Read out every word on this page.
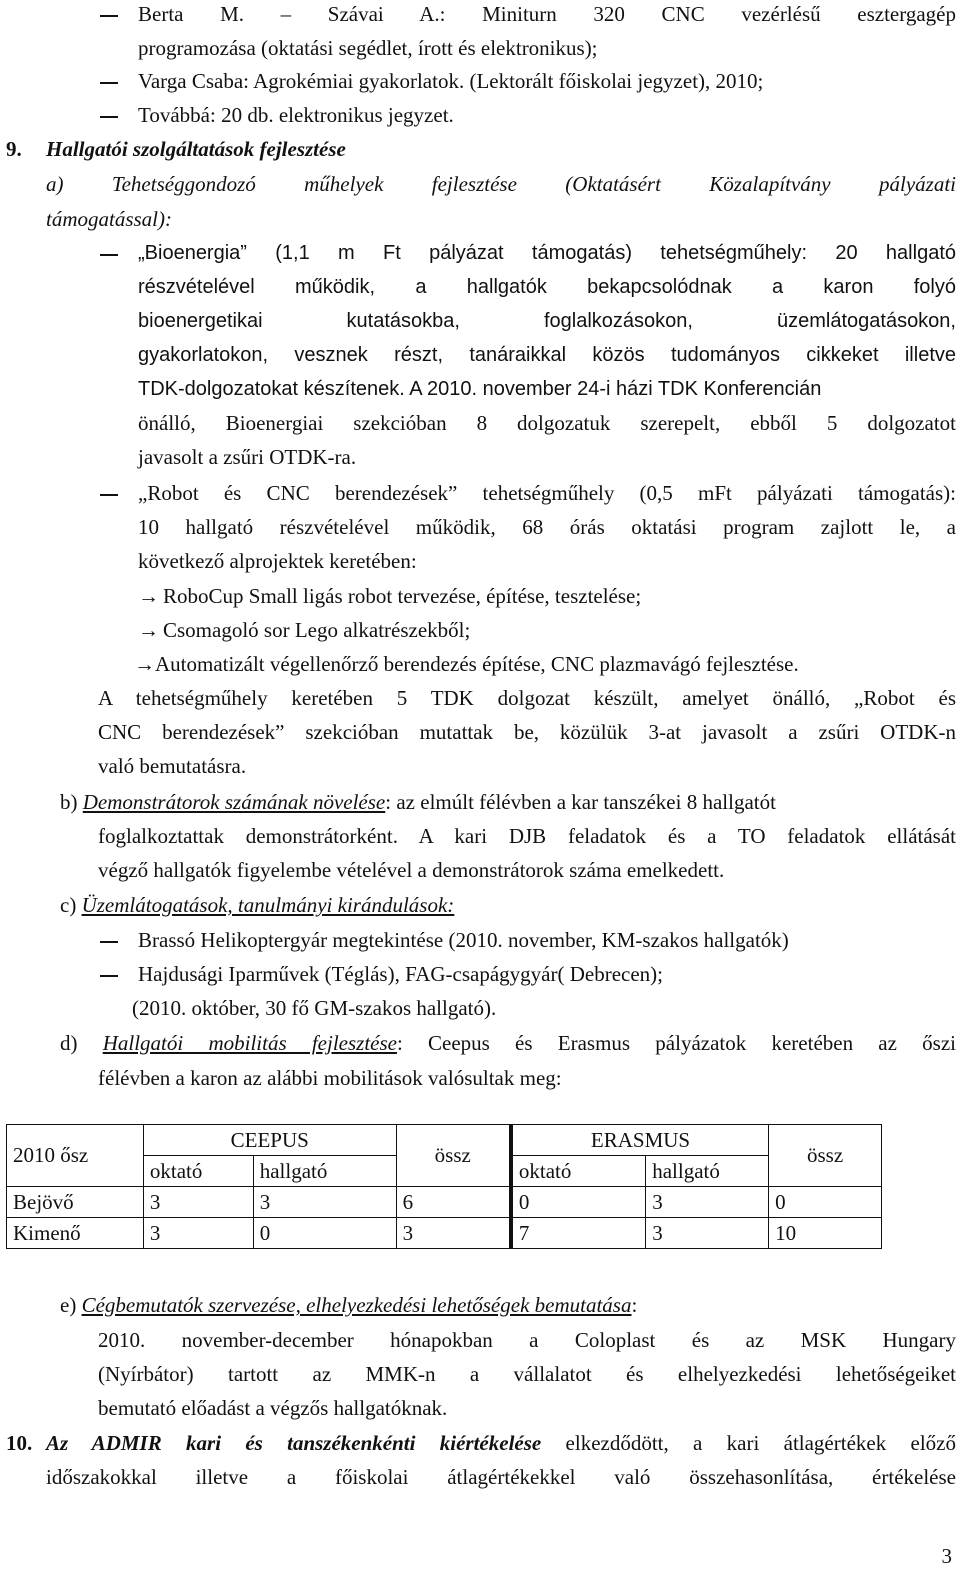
Berta M. – Szávai A.: Miniturn 320 CNC vezérlésű esztergagép
programozása (oktatási segédlet, írott és elektronikus);
Varga Csaba: Agrokémiai gyakorlatok. (Lektorált főiskolai jegyzet), 2010;
Továbbá: 20 db. elektronikus jegyzet.
9. Hallgatói szolgáltatások fejlesztése
a) Tehetséggondozó műhelyek fejlesztése (Oktatásért Közalapítvány pályázati
támogatással):
„Bioenergia” (1,1 m Ft pályázat támogatás) tehetségműhely: 20 hallgató
részvételével működik, a hallgatók bekapcsolódnak a karon folyó
bioenergetikai kutatásokba, foglalkozásokon, üzemlátogatásokon,
gyakorlatokon, vesznek részt, tanáraikkal közös tudományos cikkeket illetve
TDK-dolgozatokat készítenek. A 2010. november 24-i házi TDK Konferencián
önálló, Bioenergiai szekcióban 8 dolgozatuk szerepelt, ebből 5 dolgozatot
javasolt a zsűri OTDK-ra.
„Robot és CNC berendezések” tehetségműhely (0,5 mFt pályázati támogatás):
10 hallgató részvételével működik, 68 órás oktatási program zajlott le, a
következő alprojektek keretében:
→ RoboCup Small ligás robot tervezése, építése, tesztelése;
→ Csomagoló sor Lego alkatrészekből;
→Automatizált végellenőrző berendezés építése, CNC plazmavágó fejlesztése.
A tehetségműhely keretében 5 TDK dolgozat készült, amelyet önálló, „Robot és
CNC berendezések” szekcióban mutattak be, közülük 3-at javasolt a zsűri OTDK-n
való bemutatásra.
b) Demonstrátorok számának növelése: az elmúlt félévben a kar tanszékei 8 hallgatót
foglalkoztattak demonstrátorként. A kari DJB feladatok és a TO feladatok ellátását
végző hallgatók figyelembe vételével a demonstrátorok száma emelkedett.
c) Üzemlátogatások, tanulmányi kirándulások:
Brassó Helikoptergyár megtekintése (2010. november, KM-szakos hallgatók)
Hajdusági Iparművek (Téglás), FAG-csapágygyár( Debrecen);
(2010. október, 30 fő GM-szakos hallgató).
d) Hallgatói mobilitás fejlesztése: Ceepus és Erasmus pályázatok keretében az őszi
félévben a karon az alábbi mobilitások valósultak meg:
2010 ősz	CEEPUS		össz	ERASMUS		össz
	oktató	hallgató		oktató	hallgató	
Bejövő	3	3	6	0	3	0
Kimenő	3	0	3	7	3	10
e) Cégbemutatók szervezése, elhelyezkedési lehetőségek bemutatása:
2010. november-december hónapokban a Coloplast és az MSK Hungary
(Nyírbátor) tartott az MMK-n a vállalatot és elhelyezkedési lehetőségeiket
bemutató előadást a végzős hallgatóknak.
10. Az ADMIR kari és tanszékenkénti kiértékelése elkezdődött, a kari átlagértékek előző
időszakokkal illetve a főiskolai átlagértékekkel való összehasonlítása, értékelése
3
